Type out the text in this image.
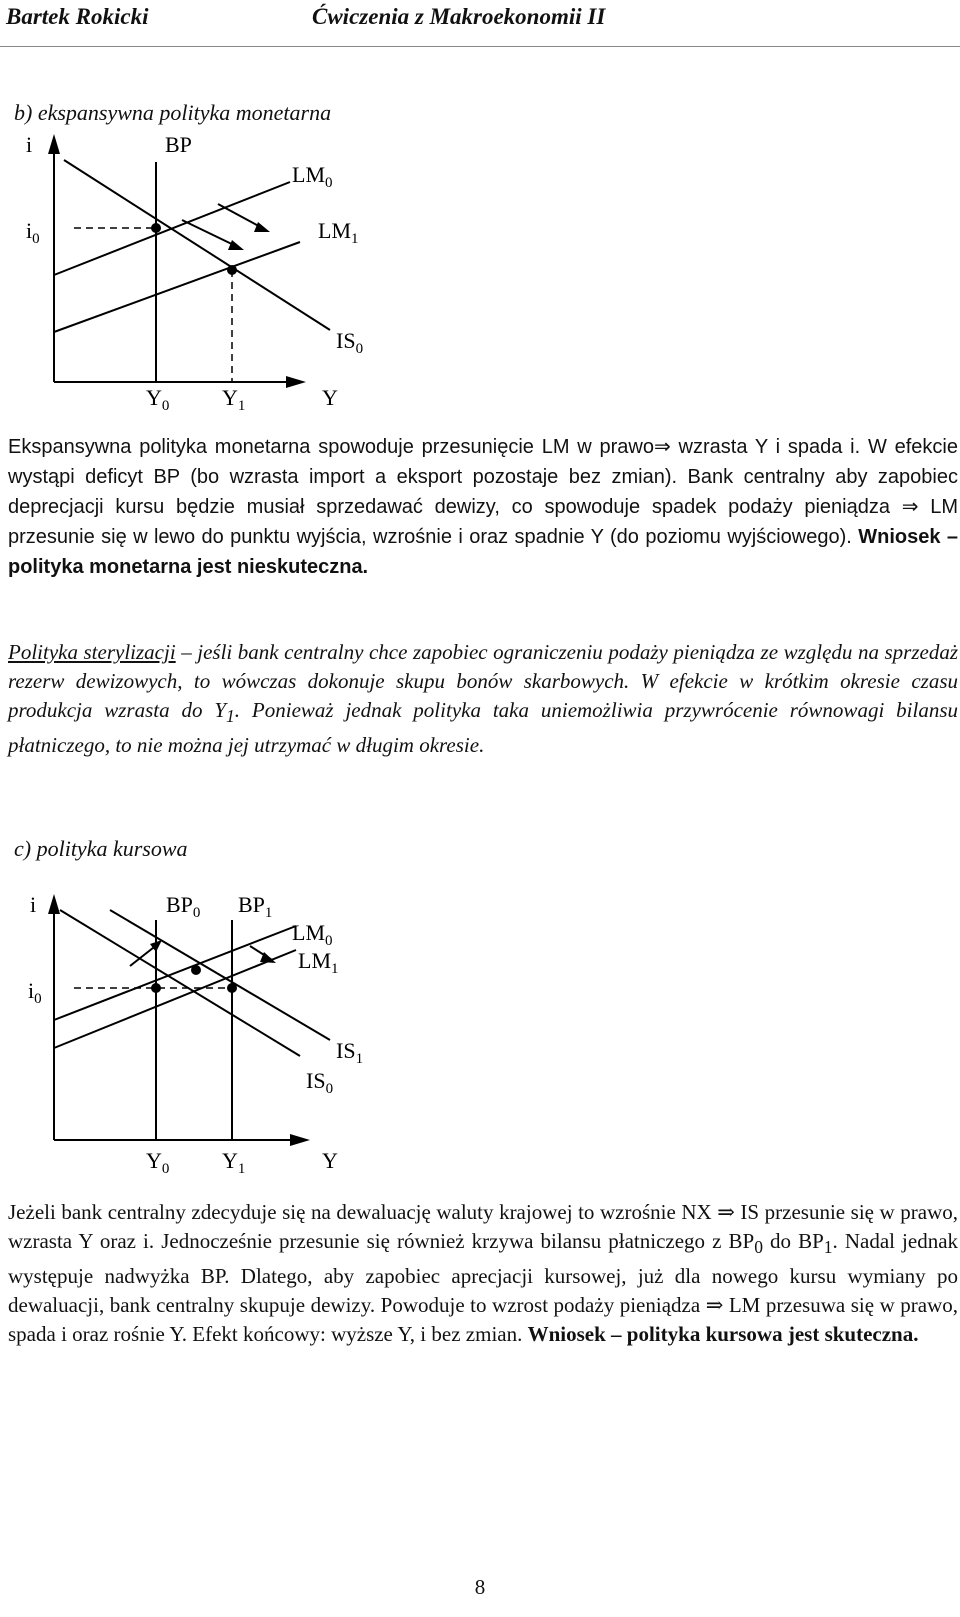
Bartek Rokicki	Ćwiczenia z Makroekonomii II
b) ekspansywna polityka monetarna
i	BP
$LM_0$
$LM_1$
$i_0$
$IS_0$
$Y_0$ $Y_1$	Y

Ekspansywna polityka monetarna spowoduje przesunięcie LM w prawo⇒ wzrasta Y i spada i. W efekcie wystąpi deficyt BP (bo wzrasta import a eksport pozostaje bez zmian). Bank centralny aby zapobiec deprecjacji kursu będzie musiał sprzedawać dewizy, co spowoduje spadek podaży pieniądza ⇒ LM przesunie się w lewo do punktu wyjścia, wzrośnie i oraz spadnie Y (do poziomu wyjściowego). Wniosek – polityka monetarna jest nieskuteczna.

Polityka sterylizacji – jeśli bank centralny chce zapobiec ograniczeniu podaży pieniądza ze względu na sprzedaż rezerw dewizowych, to wówczas dokonuje skupu bonów skarbowych. W efekcie w krótkim okresie czasu produkcja wzrasta do $Y_1$. Ponieważ jednak polityka taka uniemożliwia przywrócenie równowagi bilansu płatniczego, to nie można jej utrzymać w długim okresie.

c) polityka kursowa
i	$BP_0$ $BP_1$
$LM_0$
$LM_1$
$i_0$
$IS_1$
$IS_0$
$Y_0$ $Y_1$	Y

Jeżeli bank centralny zdecyduje się na dewaluację waluty krajowej to wzrośnie NX ⇒ IS przesunie się w prawo, wzrasta Y oraz i. Jednocześnie przesunie się również krzywa bilansu płatniczego z $BP_0$ do $BP_1$. Nadal jednak występuje nadwyżka BP. Dlatego, aby zapobiec aprecjacji kursowej, już dla nowego kursu wymiany po dewaluacji, bank centralny skupuje dewizy. Powoduje to wzrost podaży pieniądza ⇒ LM przesuwa się w prawo, spada i oraz rośnie Y. Efekt końcowy: wyższe Y, i bez zmian. Wniosek – polityka kursowa jest skuteczna.

8
